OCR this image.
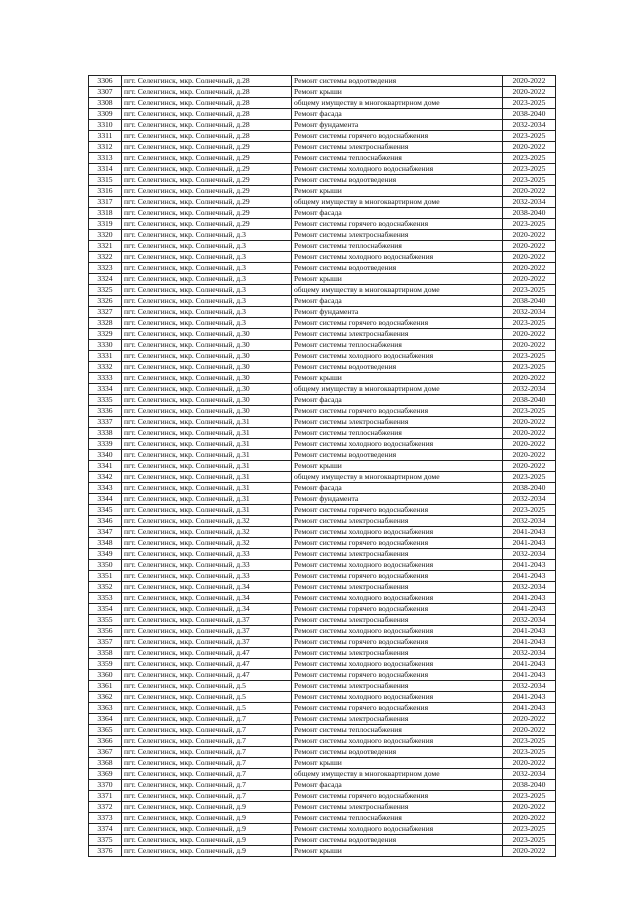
3306	пгт. Селенгинск, мкр. Солнечный, д.28	Ремонт системы водоотведения	2020-2022
3307	пгт. Селенгинск, мкр. Солнечный, д.28	Ремонт крыши	2020-2022
3308	пгт. Селенгинск, мкр. Солнечный, д.28	общему имуществу в многоквартирном доме	2023-2025
3309	пгт. Селенгинск, мкр. Солнечный, д.28	Ремонт фасада	2038-2040
3310	пгт. Селенгинск, мкр. Солнечный, д.28	Ремонт фундамента	2032-2034
3311	пгт. Селенгинск, мкр. Солнечный, д.28	Ремонт системы горячего водоснабжения	2023-2025
3312	пгт. Селенгинск, мкр. Солнечный, д.29	Ремонт системы электроснабжения	2020-2022
3313	пгт. Селенгинск, мкр. Солнечный, д.29	Ремонт системы теплоснабжения	2023-2025
3314	пгт. Селенгинск, мкр. Солнечный, д.29	Ремонт системы холодного водоснабжения	2023-2025
3315	пгт. Селенгинск, мкр. Солнечный, д.29	Ремонт системы водоотведения	2023-2025
3316	пгт. Селенгинск, мкр. Солнечный, д.29	Ремонт крыши	2020-2022
3317	пгт. Селенгинск, мкр. Солнечный, д.29	общему имуществу в многоквартирном доме	2032-2034
3318	пгт. Селенгинск, мкр. Солнечный, д.29	Ремонт фасада	2038-2040
3319	пгт. Селенгинск, мкр. Солнечный, д.29	Ремонт системы горячего водоснабжения	2023-2025
3320	пгт. Селенгинск, мкр. Солнечный, д.3	Ремонт системы электроснабжения	2020-2022
3321	пгт. Селенгинск, мкр. Солнечный, д.3	Ремонт системы теплоснабжения	2020-2022
3322	пгт. Селенгинск, мкр. Солнечный, д.3	Ремонт системы холодного водоснабжения	2020-2022
3323	пгт. Селенгинск, мкр. Солнечный, д.3	Ремонт системы водоотведения	2020-2022
3324	пгт. Селенгинск, мкр. Солнечный, д.3	Ремонт крыши	2020-2022
3325	пгт. Селенгинск, мкр. Солнечный, д.3	общему имуществу в многоквартирном доме	2023-2025
3326	пгт. Селенгинск, мкр. Солнечный, д.3	Ремонт фасада	2038-2040
3327	пгт. Селенгинск, мкр. Солнечный, д.3	Ремонт фундамента	2032-2034
3328	пгт. Селенгинск, мкр. Солнечный, д.3	Ремонт системы горячего водоснабжения	2023-2025
3329	пгт. Селенгинск, мкр. Солнечный, д.30	Ремонт системы электроснабжения	2020-2022
3330	пгт. Селенгинск, мкр. Солнечный, д.30	Ремонт системы теплоснабжения	2020-2022
3331	пгт. Селенгинск, мкр. Солнечный, д.30	Ремонт системы холодного водоснабжения	2023-2025
3332	пгт. Селенгинск, мкр. Солнечный, д.30	Ремонт системы водоотведения	2023-2025
3333	пгт. Селенгинск, мкр. Солнечный, д.30	Ремонт крыши	2020-2022
3334	пгт. Селенгинск, мкр. Солнечный, д.30	общему имуществу в многоквартирном доме	2032-2034
3335	пгт. Селенгинск, мкр. Солнечный, д.30	Ремонт фасада	2038-2040
3336	пгт. Селенгинск, мкр. Солнечный, д.30	Ремонт системы горячего водоснабжения	2023-2025
3337	пгт. Селенгинск, мкр. Солнечный, д.31	Ремонт системы электроснабжения	2020-2022
3338	пгт. Селенгинск, мкр. Солнечный, д.31	Ремонт системы теплоснабжения	2020-2022
3339	пгт. Селенгинск, мкр. Солнечный, д.31	Ремонт системы холодного водоснабжения	2020-2022
3340	пгт. Селенгинск, мкр. Солнечный, д.31	Ремонт системы водоотведения	2020-2022
3341	пгт. Селенгинск, мкр. Солнечный, д.31	Ремонт крыши	2020-2022
3342	пгт. Селенгинск, мкр. Солнечный, д.31	общему имуществу в многоквартирном доме	2023-2025
3343	пгт. Селенгинск, мкр. Солнечный, д.31	Ремонт фасада	2038-2040
3344	пгт. Селенгинск, мкр. Солнечный, д.31	Ремонт фундамента	2032-2034
3345	пгт. Селенгинск, мкр. Солнечный, д.31	Ремонт системы горячего водоснабжения	2023-2025
3346	пгт. Селенгинск, мкр. Солнечный, д.32	Ремонт системы электроснабжения	2032-2034
3347	пгт. Селенгинск, мкр. Солнечный, д.32	Ремонт системы холодного водоснабжения	2041-2043
3348	пгт. Селенгинск, мкр. Солнечный, д.32	Ремонт системы горячего водоснабжения	2041-2043
3349	пгт. Селенгинск, мкр. Солнечный, д.33	Ремонт системы электроснабжения	2032-2034
3350	пгт. Селенгинск, мкр. Солнечный, д.33	Ремонт системы холодного водоснабжения	2041-2043
3351	пгт. Селенгинск, мкр. Солнечный, д.33	Ремонт системы горячего водоснабжения	2041-2043
3352	пгт. Селенгинск, мкр. Солнечный, д.34	Ремонт системы электроснабжения	2032-2034
3353	пгт. Селенгинск, мкр. Солнечный, д.34	Ремонт системы холодного водоснабжения	2041-2043
3354	пгт. Селенгинск, мкр. Солнечный, д.34	Ремонт системы горячего водоснабжения	2041-2043
3355	пгт. Селенгинск, мкр. Солнечный, д.37	Ремонт системы электроснабжения	2032-2034
3356	пгт. Селенгинск, мкр. Солнечный, д.37	Ремонт системы холодного водоснабжения	2041-2043
3357	пгт. Селенгинск, мкр. Солнечный, д.37	Ремонт системы горячего водоснабжения	2041-2043
3358	пгт. Селенгинск, мкр. Солнечный, д.47	Ремонт системы электроснабжения	2032-2034
3359	пгт. Селенгинск, мкр. Солнечный, д.47	Ремонт системы холодного водоснабжения	2041-2043
3360	пгт. Селенгинск, мкр. Солнечный, д.47	Ремонт системы горячего водоснабжения	2041-2043
3361	пгт. Селенгинск, мкр. Солнечный, д.5	Ремонт системы электроснабжения	2032-2034
3362	пгт. Селенгинск, мкр. Солнечный, д.5	Ремонт системы холодного водоснабжения	2041-2043
3363	пгт. Селенгинск, мкр. Солнечный, д.5	Ремонт системы горячего водоснабжения	2041-2043
3364	пгт. Селенгинск, мкр. Солнечный, д.7	Ремонт системы электроснабжения	2020-2022
3365	пгт. Селенгинск, мкр. Солнечный, д.7	Ремонт системы теплоснабжения	2020-2022
3366	пгт. Селенгинск, мкр. Солнечный, д.7	Ремонт системы холодного водоснабжения	2023-2025
3367	пгт. Селенгинск, мкр. Солнечный, д.7	Ремонт системы водоотведения	2023-2025
3368	пгт. Селенгинск, мкр. Солнечный, д.7	Ремонт крыши	2020-2022
3369	пгт. Селенгинск, мкр. Солнечный, д.7	общему имуществу в многоквартирном доме	2032-2034
3370	пгт. Селенгинск, мкр. Солнечный, д.7	Ремонт фасада	2038-2040
3371	пгт. Селенгинск, мкр. Солнечный, д.7	Ремонт системы горячего водоснабжения	2023-2025
3372	пгт. Селенгинск, мкр. Солнечный, д.9	Ремонт системы электроснабжения	2020-2022
3373	пгт. Селенгинск, мкр. Солнечный, д.9	Ремонт системы теплоснабжения	2020-2022
3374	пгт. Селенгинск, мкр. Солнечный, д.9	Ремонт системы холодного водоснабжения	2023-2025
3375	пгт. Селенгинск, мкр. Солнечный, д.9	Ремонт системы водоотведения	2023-2025
3376	пгт. Селенгинск, мкр. Солнечный, д.9	Ремонт крыши	2020-2022
